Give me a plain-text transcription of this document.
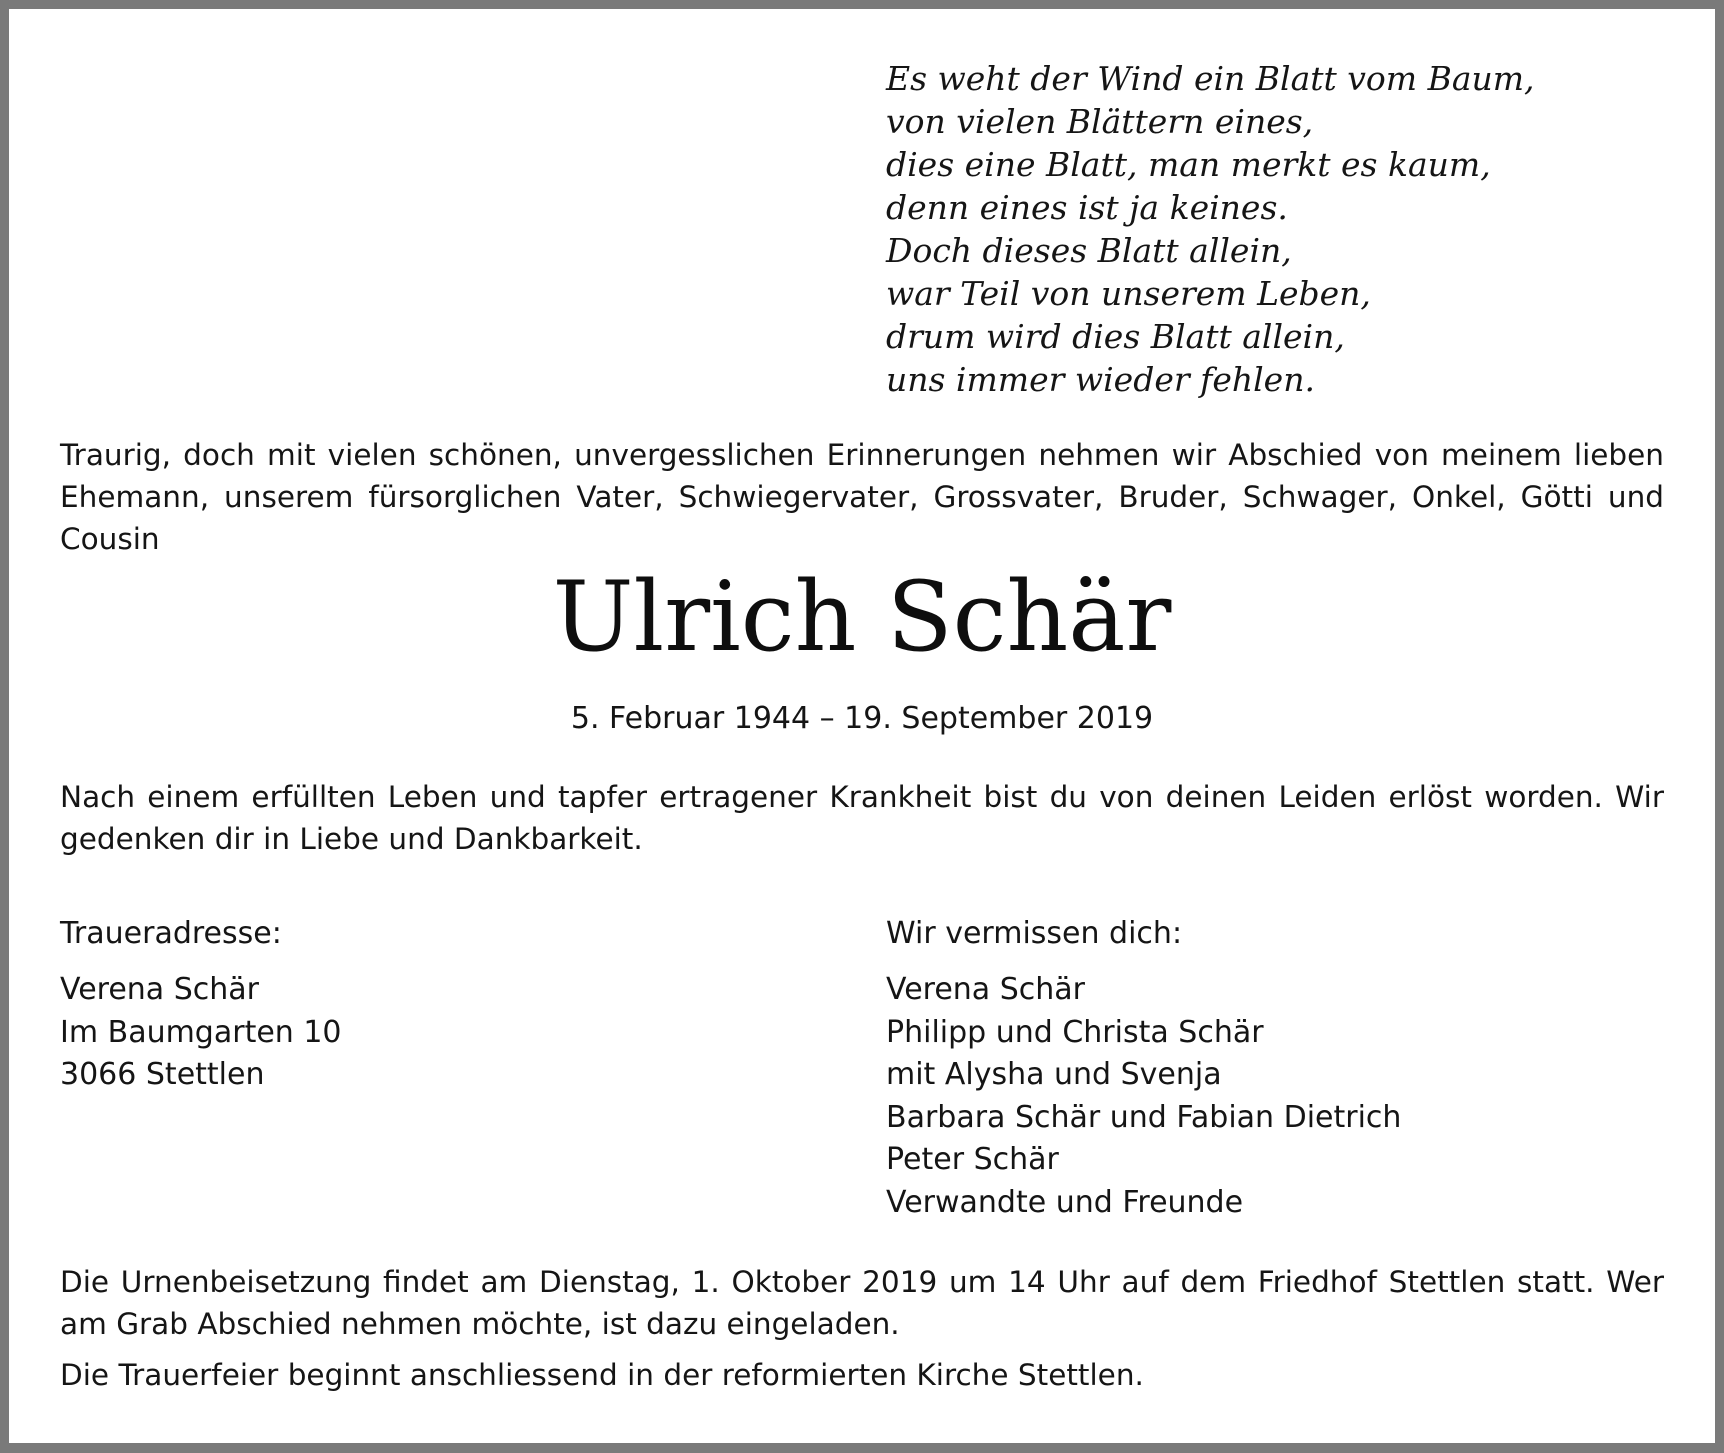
Es weht der Wind ein Blatt vom Baum,
von vielen Blättern eines,
dies eine Blatt, man merkt es kaum,
denn eines ist ja keines.
Doch dieses Blatt allein,
war Teil von unserem Leben,
drum wird dies Blatt allein,
uns immer wieder fehlen.

Traurig, doch mit vielen schönen, unvergesslichen Erinnerungen nehmen wir Abschied von meinem lieben Ehemann, unserem fürsorglichen Vater, Schwiegervater, Grossvater, Bruder, Schwager, Onkel, Götti und Cousin

Ulrich Schär

5. Februar 1944 – 19. September 2019

Nach einem erfüllten Leben und tapfer ertragener Krankheit bist du von deinen Leiden erlöst worden. Wir gedenken dir in Liebe und Dankbarkeit.

Traueradresse:

Verena Schär
Im Baumgarten 10
3066 Stettlen

Wir vermissen dich:

Verena Schär
Philipp und Christa Schär
mit Alysha und Svenja
Barbara Schär und Fabian Dietrich
Peter Schär
Verwandte und Freunde

Die Urnenbeisetzung findet am Dienstag, 1. Oktober 2019 um 14 Uhr auf dem Friedhof Stettlen statt. Wer am Grab Abschied nehmen möchte, ist dazu eingeladen.

Die Trauerfeier beginnt anschliessend in der reformierten Kirche Stettlen.
